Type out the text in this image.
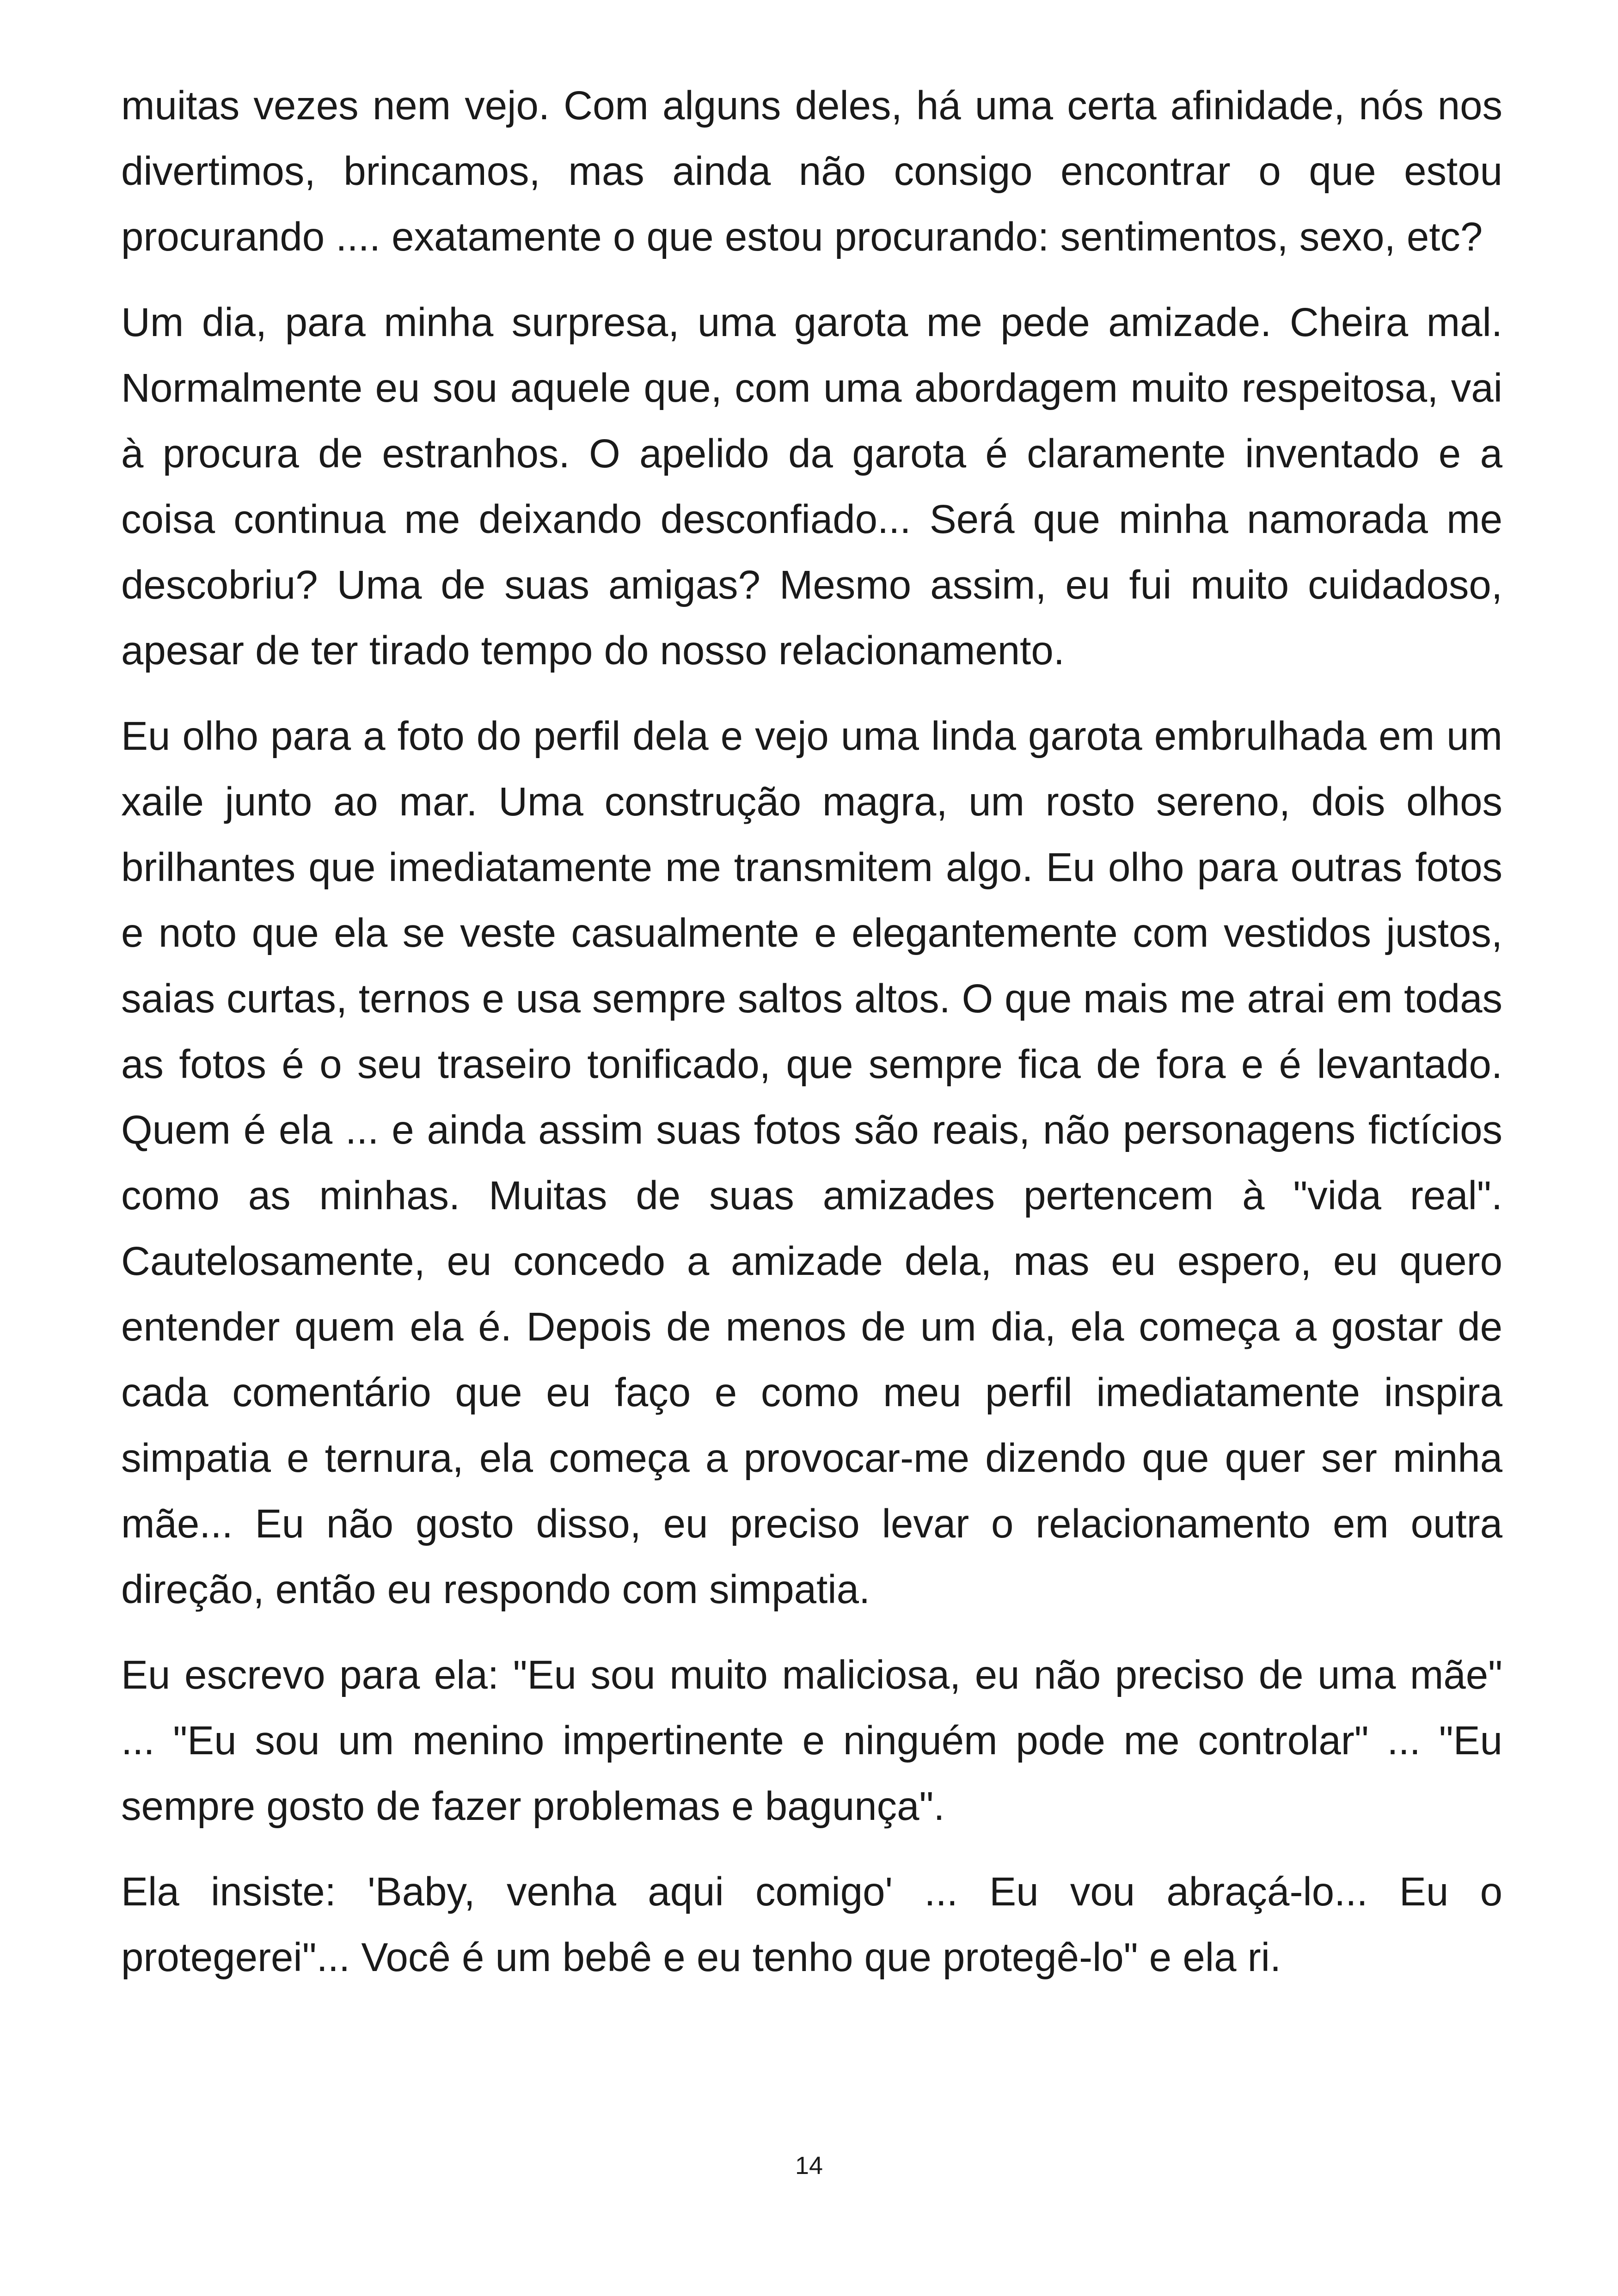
muitas vezes nem vejo. Com alguns deles, há uma certa afinidade, nós nos divertimos, brincamos, mas ainda não consigo encontrar o que estou procurando .... exatamente o que estou procurando: sentimentos, sexo, etc?

Um dia, para minha surpresa, uma garota me pede amizade. Cheira mal. Normalmente eu sou aquele que, com uma abordagem muito respeitosa, vai à procura de estranhos. O apelido da garota é claramente inventado e a coisa continua me deixando desconfiado... Será que minha namorada me descobriu? Uma de suas amigas? Mesmo assim, eu fui muito cuidadoso, apesar de ter tirado tempo do nosso relacionamento.

Eu olho para a foto do perfil dela e vejo uma linda garota embrulhada em um xaile junto ao mar. Uma construção magra, um rosto sereno, dois olhos brilhantes que imediatamente me transmitem algo. Eu olho para outras fotos e noto que ela se veste casualmente e elegantemente com vestidos justos, saias curtas, ternos e usa sempre saltos altos. O que mais me atrai em todas as fotos é o seu traseiro tonificado, que sempre fica de fora e é levantado. Quem é ela ... e ainda assim suas fotos são reais, não personagens fictícios como as minhas. Muitas de suas amizades pertencem à "vida real". Cautelosamente, eu concedo a amizade dela, mas eu espero, eu quero entender quem ela é. Depois de menos de um dia, ela começa a gostar de cada comentário que eu faço e como meu perfil imediatamente inspira simpatia e ternura, ela começa a provocar-me dizendo que quer ser minha mãe... Eu não gosto disso, eu preciso levar o relacionamento em outra direção, então eu respondo com simpatia.

Eu escrevo para ela: "Eu sou muito maliciosa, eu não preciso de uma mãe" ... "Eu sou um menino impertinente e ninguém pode me controlar" ... "Eu sempre gosto de fazer problemas e bagunça".

Ela insiste: 'Baby, venha aqui comigo' ... Eu vou abraçá-lo... Eu o protegerei"... Você é um bebê e eu tenho que protegê-lo" e ela ri.

14
